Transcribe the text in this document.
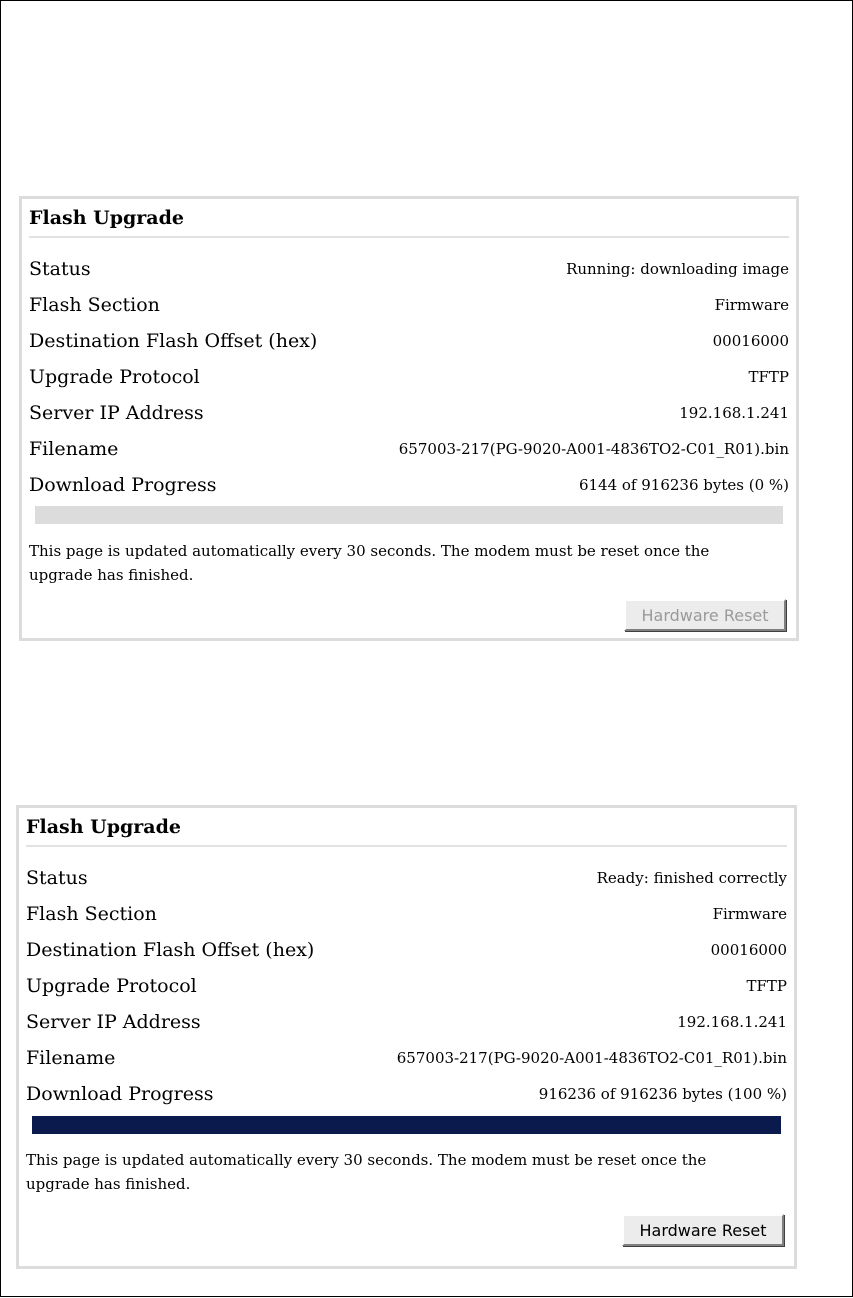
Flash Upgrade
Status	Running: downloading image
Flash Section	Firmware
Destination Flash Offset (hex)	00016000
Upgrade Protocol	TFTP
Server IP Address	192.168.1.241
Filename	657003-217(PG-9020-A001-4836TO2-C01_R01).bin
Download Progress	6144 of 916236 bytes (0 %)
This page is updated automatically every 30 seconds. The modem must be reset once the upgrade has finished.
Hardware Reset
Flash Upgrade
Status	Ready: finished correctly
Flash Section	Firmware
Destination Flash Offset (hex)	00016000
Upgrade Protocol	TFTP
Server IP Address	192.168.1.241
Filename	657003-217(PG-9020-A001-4836TO2-C01_R01).bin
Download Progress	916236 of 916236 bytes (100 %)
This page is updated automatically every 30 seconds. The modem must be reset once the upgrade has finished.
Hardware Reset
